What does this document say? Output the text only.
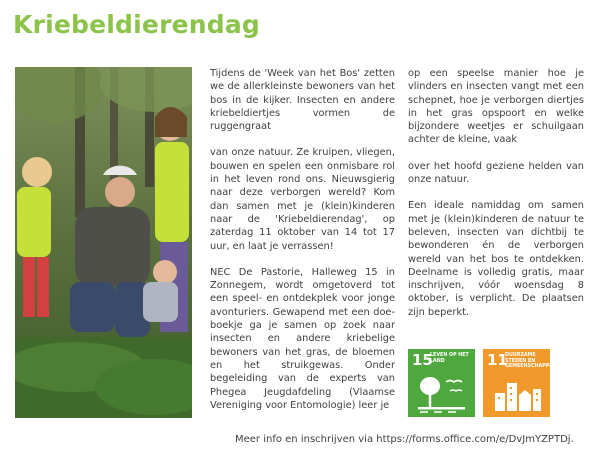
Kriebeldierendag

Tijdens de 'Week van het Bos' zetten we de allerkleinste bewoners van het bos in de kijker. Insecten en andere kriebeldiertjes vormen de ruggengraat

van onze natuur. Ze kruipen, vliegen, bouwen en spelen een onmisbare rol in het leven rond ons. Nieuwsgierig naar deze verborgen wereld? Kom dan samen met je (klein)kinderen naar de 'Kriebeldierendag', op zaterdag 11 oktober van 14 tot 17 uur, en laat je verrassen!

NEC De Pastorie, Halleweg 15 in Zonnegem, wordt omgetoverd tot een speel- en ontdekplek voor jonge avonturiers. Gewapend met een doe-boekje ga je samen op zoek naar insecten en andere kriebelige bewoners van het gras, de bloemen en het struikgewas. Onder begeleiding van de experts van Phegea Jeugdafdeling (Vlaamse Vereniging voor Entomologie) leer je

op een speelse manier hoe je vlinders en insecten vangt met een schepnet, hoe je verborgen diertjes in het gras opspoort en welke bijzondere weetjes er schuilgaan achter de kleine, vaak

over het hoofd geziene helden van onze natuur.

Een ideale namiddag om samen met je (klein)kinderen de natuur te beleven, insecten van dichtbij te bewonderen én de verborgen wereld van het bos te ontdekken. Deelname is volledig gratis, maar inschrijven, vóór woensdag 8 oktober, is verplicht. De plaatsen zijn beperkt.

15
LEVEN OP HET LAND	11
DUURZAME STEDEN EN GEMEENSCHAPPEN
Meer info en inschrijven via https://forms.office.com/e/DvJmYZPTDj.
